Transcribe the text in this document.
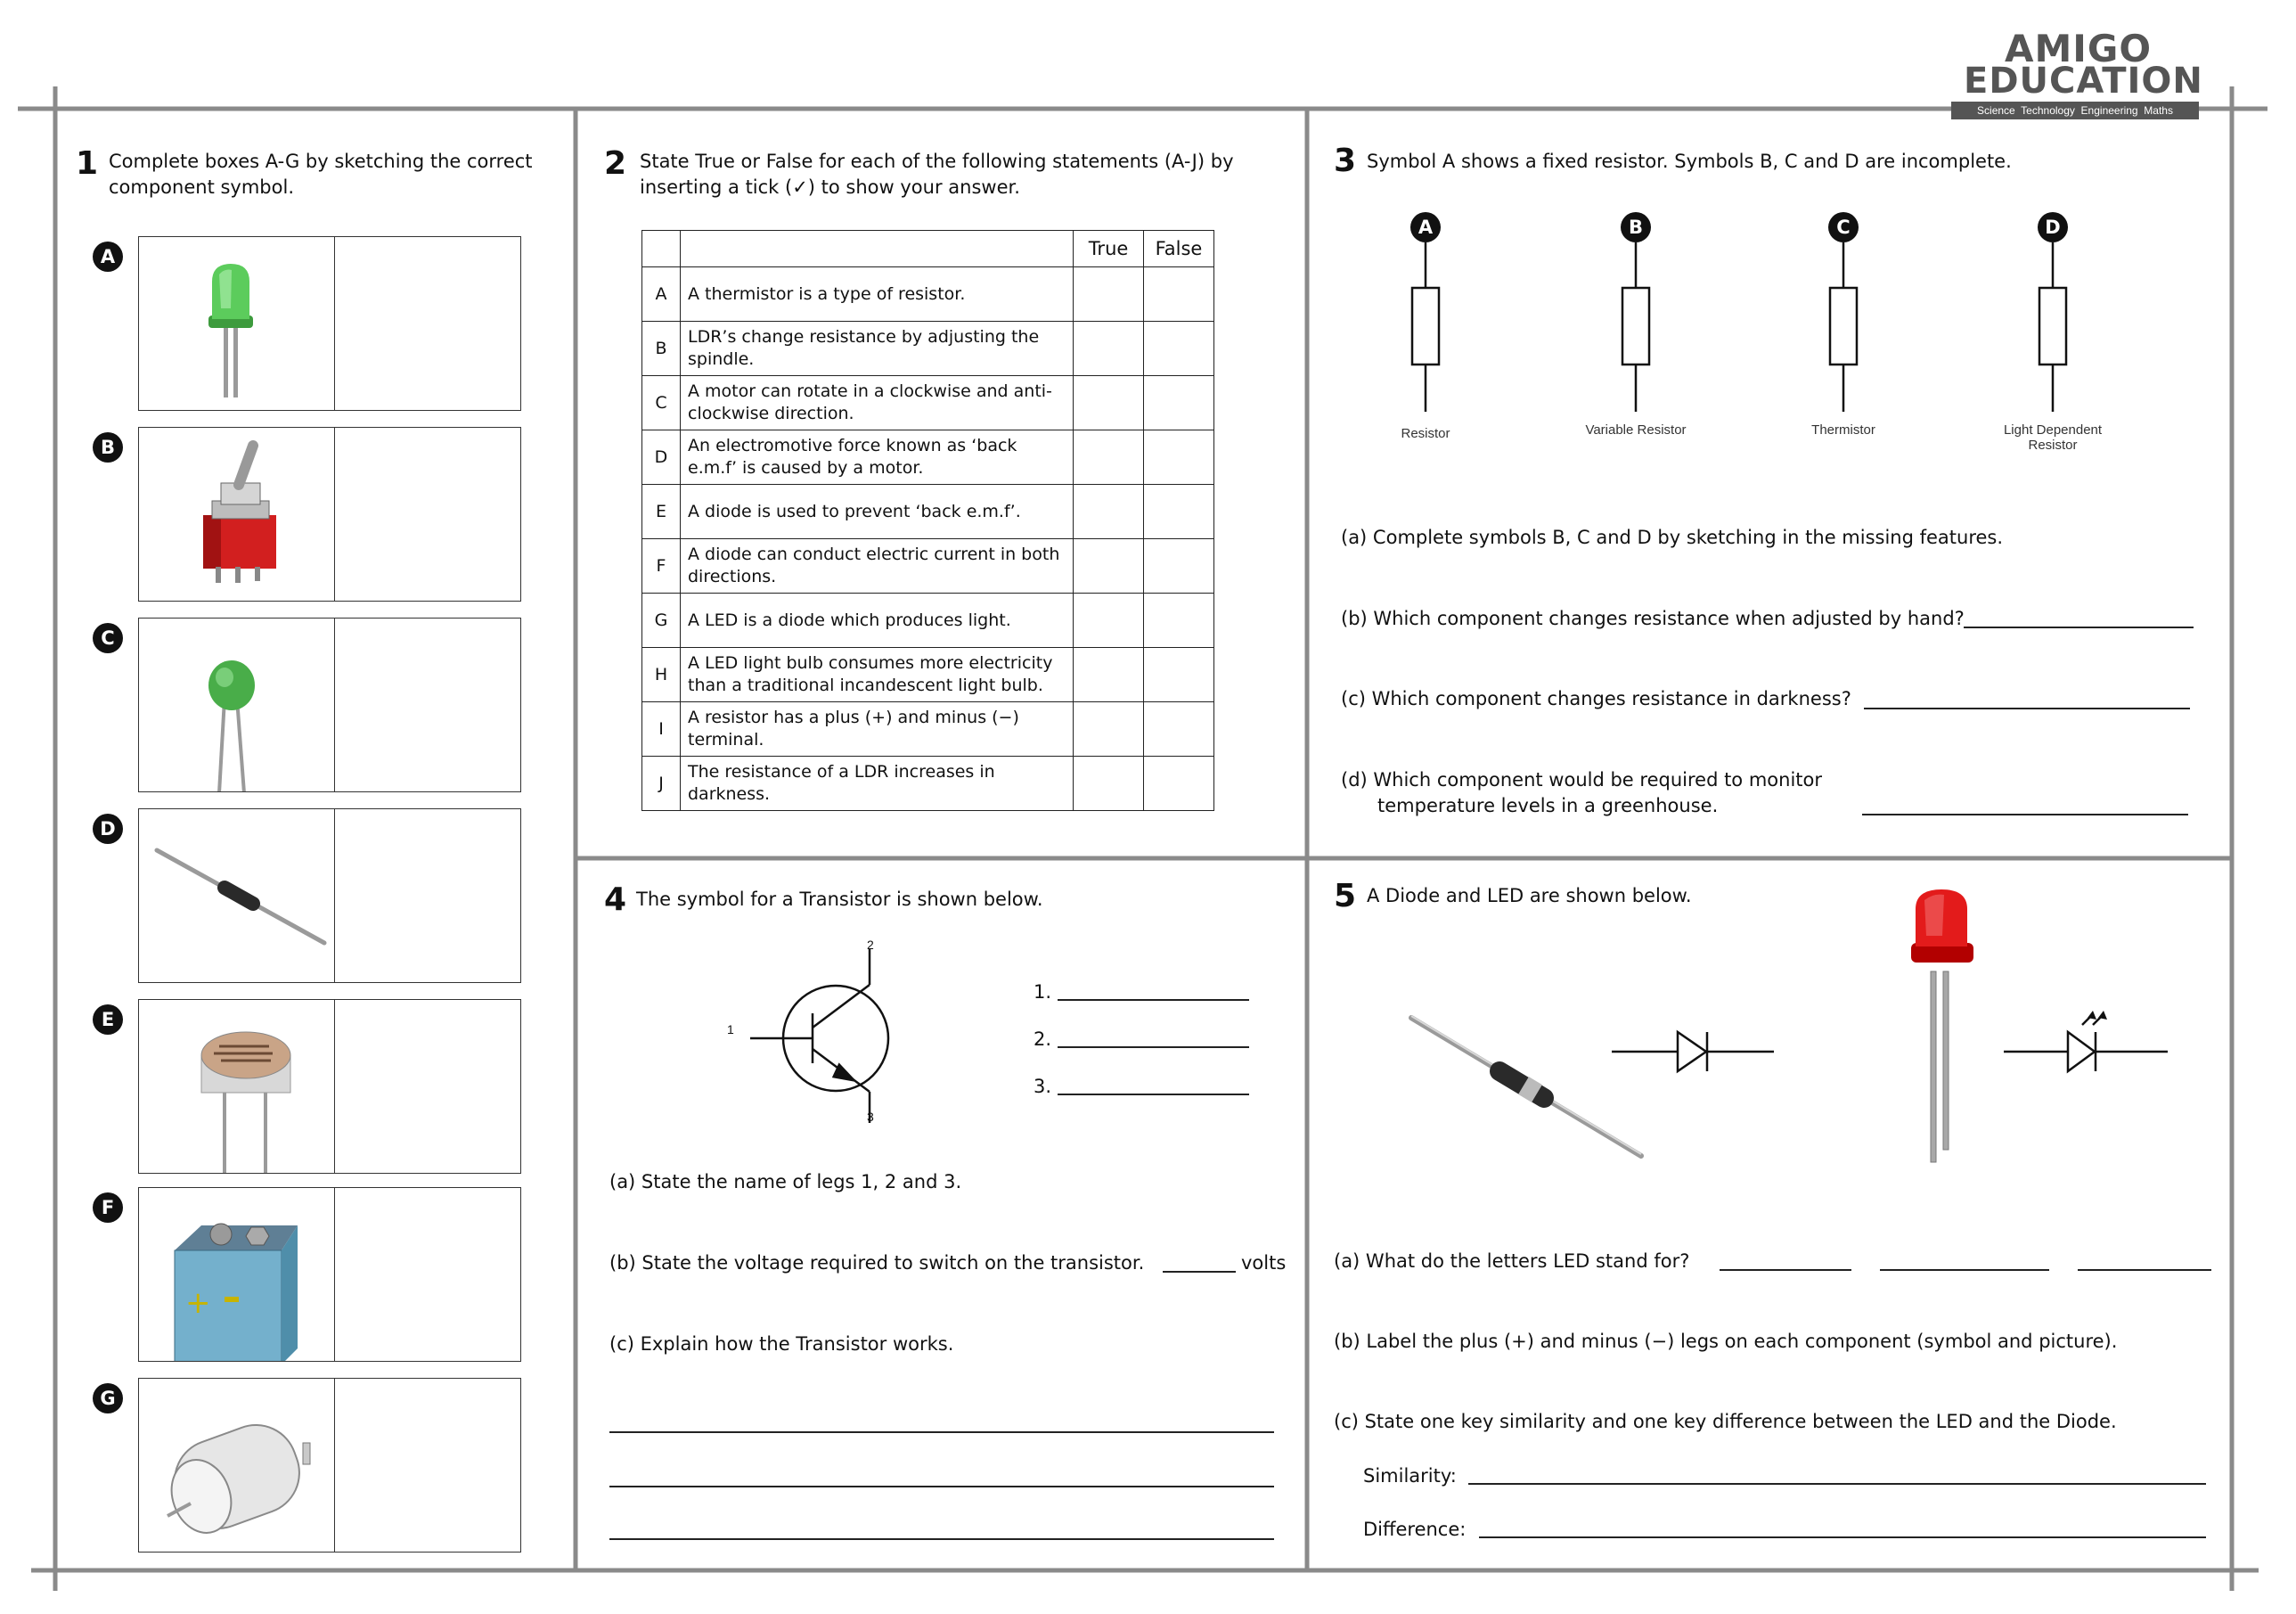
AMIGO
EDUCATION
Science  Technology  Engineering  Maths
1 Complete boxes A-G by sketching the correct component symbol.
A
B
C
D
E
F
+
G
2 State True or False for each of the following statements (A-J) by inserting a tick (✓) to show your answer.
		True	False
A	A thermistor is a type of resistor.		
B	LDR’s change resistance by adjusting the spindle.		
C	A motor can rotate in a clockwise and anti-clockwise direction.		
D	An electromotive force known as ‘back e.m.f’ is caused by a motor.		
E	A diode is used to prevent ‘back e.m.f’.		
F	A diode can conduct electric current in both directions.		
G	A LED is a diode which produces light.		
H	A LED light bulb consumes more electricity than a traditional incandescent light bulb.		
I	A resistor has a plus (+) and minus (−) terminal.		
J	The resistance of a LDR increases in darkness.		
3 Symbol A shows a fixed resistor. Symbols B, C and D are incomplete.
A
Resistor
B
Variable Resistor
C
Thermistor
D
Light Dependent
Resistor
(a) Complete symbols B, C and D by sketching in the missing features.
(b) Which component changes resistance when adjusted by hand?
(c) Which component changes resistance in darkness?
(d) Which component would be required to monitor
temperature levels in a greenhouse.
4 The symbol for a Transistor is shown below.
1
2
3
1.
2.
3.
(a) State the name of legs 1, 2 and 3.
(b) State the voltage required to switch on the transistor.	volts
(c) Explain how the Transistor works.
5 A Diode and LED are shown below.
(a) What do the letters LED stand for?
(b) Label the plus (+) and minus (−) legs on each component (symbol and picture).
(c) State one key similarity and one key difference between the LED and the Diode.
Similarity:
Difference:
